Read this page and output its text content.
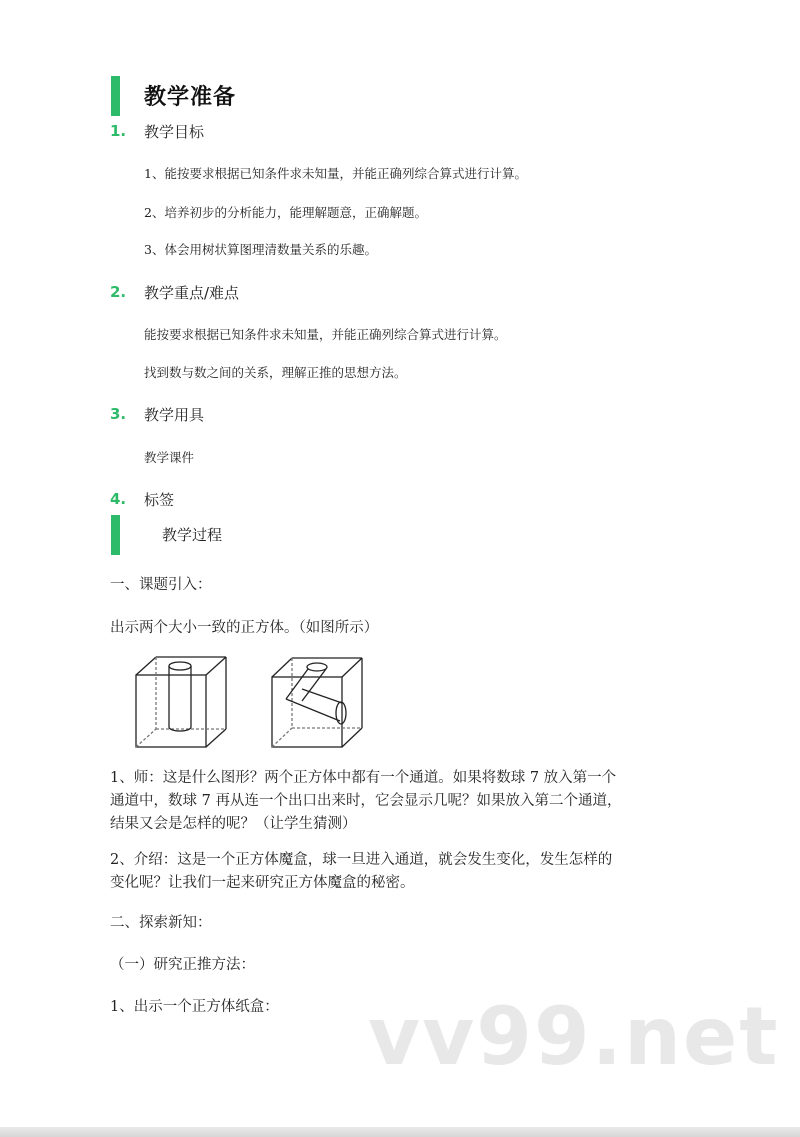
教学准备
1. 教学目标
1、能按要求根据已知条件求未知量，并能正确列综合算式进行计算。
2、培养初步的分析能力，能理解题意，正确解题。
3、体会用树状算图理清数量关系的乐趣。
2. 教学重点/难点
能按要求根据已知条件求未知量，并能正确列综合算式进行计算。
找到数与数之间的关系，理解正推的思想方法。
3. 教学用具
教学课件
4. 标签
教学过程
一、课题引入：
出示两个大小一致的正方体。（如图所示）
1、师：这是什么图形？两个正方体中都有一个通道。如果将数球 7 放入第一个
通道中，数球 7 再从连一个出口出来时，它会显示几呢？如果放入第二个通道，
结果又会是怎样的呢？（让学生猜测）
2、介绍：这是一个正方体魔盒，球一旦进入通道，就会发生变化，发生怎样的
变化呢？让我们一起来研究正方体魔盒的秘密。
二、探索新知：
（一）研究正推方法：
1、出示一个正方体纸盒：	vv99.net
